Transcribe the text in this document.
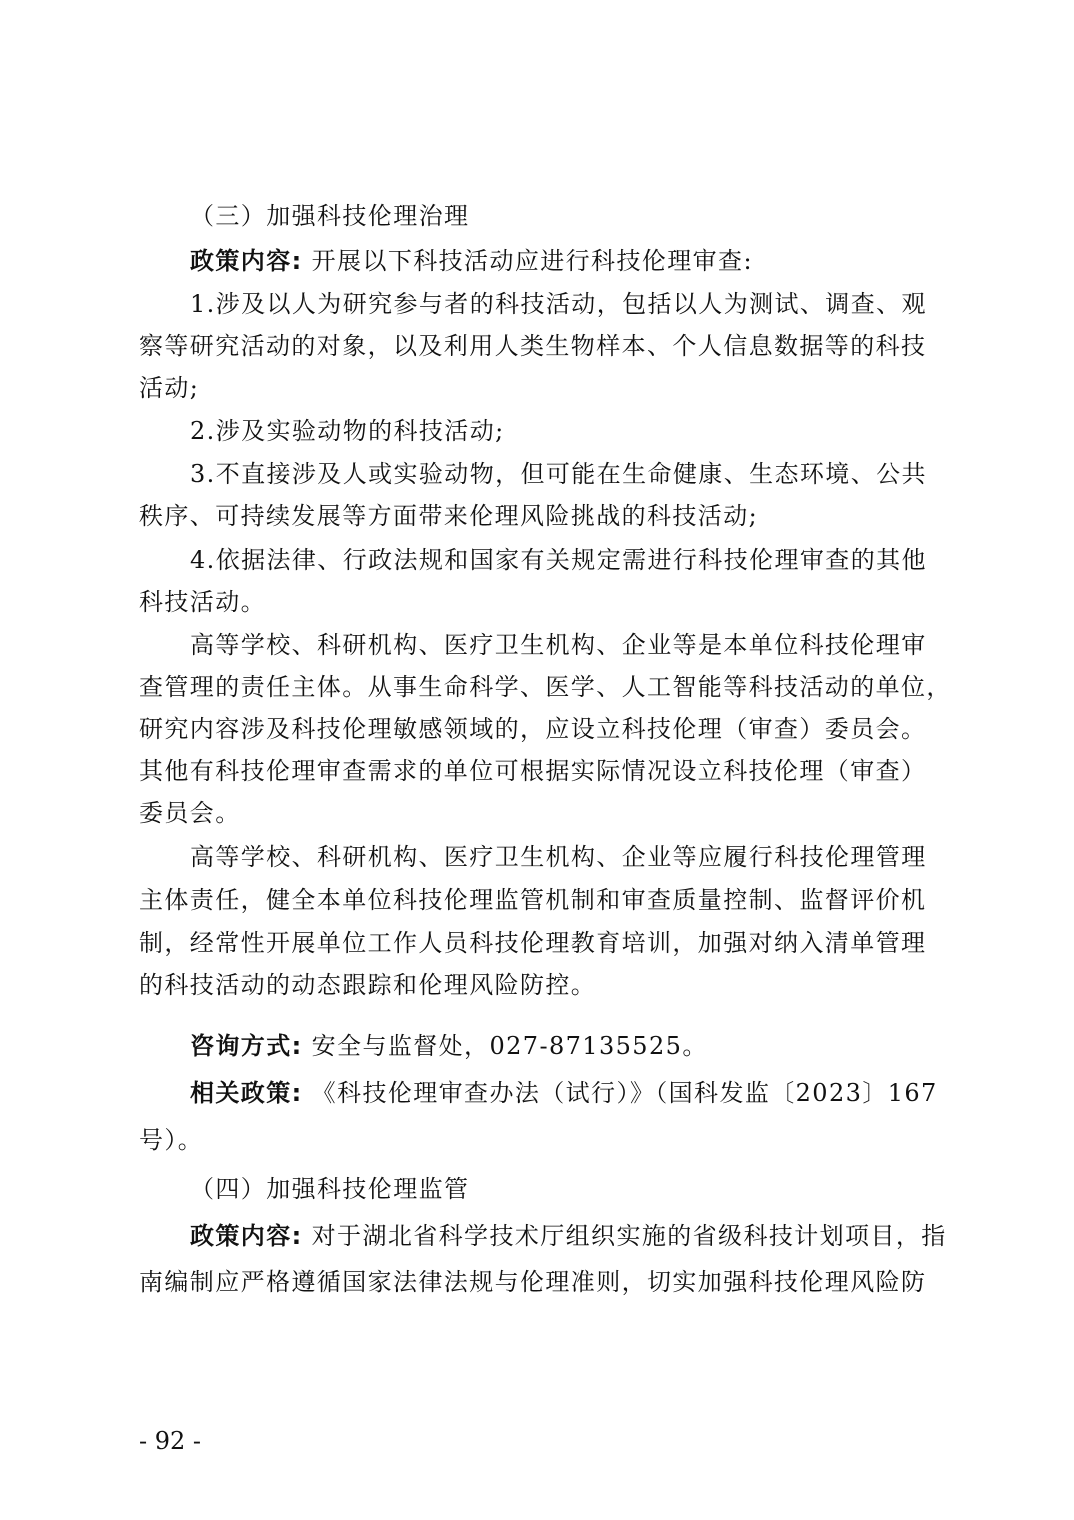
（三）加强科技伦理治理
政策内容: 开展以下科技活动应进行科技伦理审查:
1.涉及以人为研究参与者的科技活动，包括以人为测试、调查、观
察等研究活动的对象，以及利用人类生物样本、个人信息数据等的科技
活动;
2.涉及实验动物的科技活动;
3.不直接涉及人或实验动物，但可能在生命健康、生态环境、公共
秩序、可持续发展等方面带来伦理风险挑战的科技活动;
4.依据法律、行政法规和国家有关规定需进行科技伦理审查的其他
科技活动。
高等学校、科研机构、医疗卫生机构、企业等是本单位科技伦理审
查管理的责任主体。从事生命科学、医学、人工智能等科技活动的单位，
研究内容涉及科技伦理敏感领域的，应设立科技伦理（审查）委员会。
其他有科技伦理审查需求的单位可根据实际情况设立科技伦理（审查）
委员会。
高等学校、科研机构、医疗卫生机构、企业等应履行科技伦理管理
主体责任，健全本单位科技伦理监管机制和审查质量控制、监督评价机
制，经常性开展单位工作人员科技伦理教育培训，加强对纳入清单管理
的科技活动的动态跟踪和伦理风险防控。
咨询方式: 安全与监督处，027-87135525。
相关政策: 《科技伦理审查办法（试行）》（国科发监〔2023〕167
号）。
（四）加强科技伦理监管
政策内容: 对于湖北省科学技术厅组织实施的省级科技计划项目，指
南编制应严格遵循国家法律法规与伦理准则，切实加强科技伦理风险防
- 92 -
